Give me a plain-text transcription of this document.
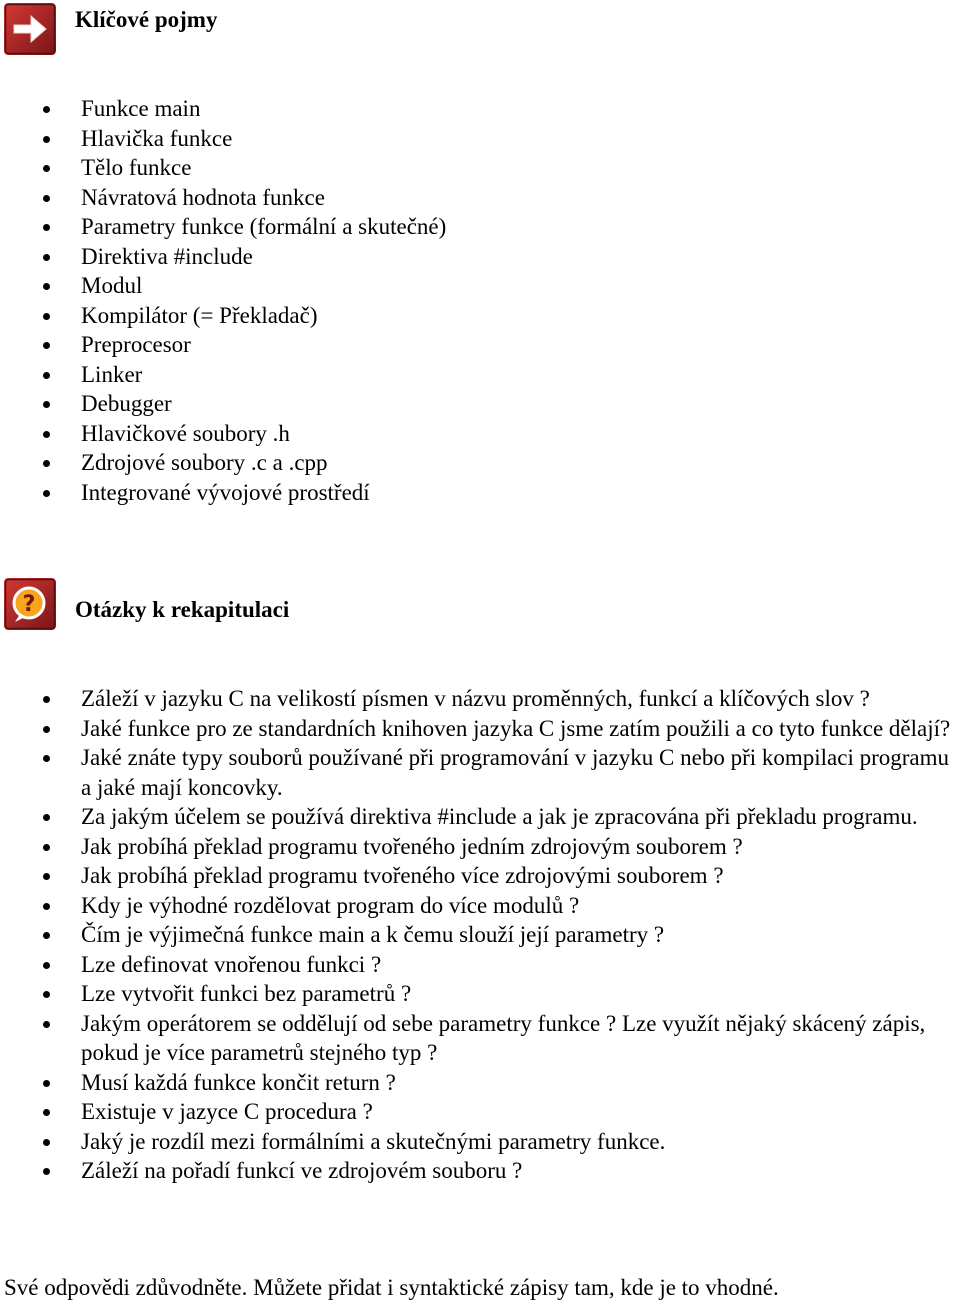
Klíčové pojmy
Funkce main
Hlavička funkce
Tělo funkce
Návratová hodnota funkce
Parametry funkce (formální a skutečné)
Direktiva #include
Modul
Kompilátor (= Překladač)
Preprocesor
Linker
Debugger
Hlavičkové soubory .h
Zdrojové soubory .c a .cpp
Integrované vývojové prostředí
? Otázky k rekapitulaci
Záleží v jazyku C na velikostí písmen v názvu proměnných, funkcí a klíčových slov ?
Jaké funkce pro ze standardních knihoven jazyka C jsme zatím použili a co tyto funkce dělají?
Jaké znáte typy souborů používané při programování v jazyku C nebo při kompilaci programu a jaké mají koncovky.
Za jakým účelem se používá direktiva #include a jak je zpracována při překladu programu.
Jak probíhá překlad programu tvořeného jedním zdrojovým souborem ?
Jak probíhá překlad programu tvořeného více zdrojovými souborem ?
Kdy je výhodné rozdělovat program do více modulů ?
Čím je výjimečná funkce main a k čemu slouží její parametry ?
Lze definovat vnořenou funkci ?
Lze vytvořit funkci bez parametrů ?
Jakým operátorem se oddělují od sebe parametry funkce ? Lze využít nějaký skácený zápis, pokud je více parametrů stejného typ ?
Musí každá funkce končit return ?
Existuje v jazyce C procedura ?
Jaký je rozdíl mezi formálními a skutečnými parametry funkce.
Záleží na pořadí funkcí ve zdrojovém souboru ?
Své odpovědi zdůvodněte. Můžete přidat i syntaktické zápisy tam, kde je to vhodné.
